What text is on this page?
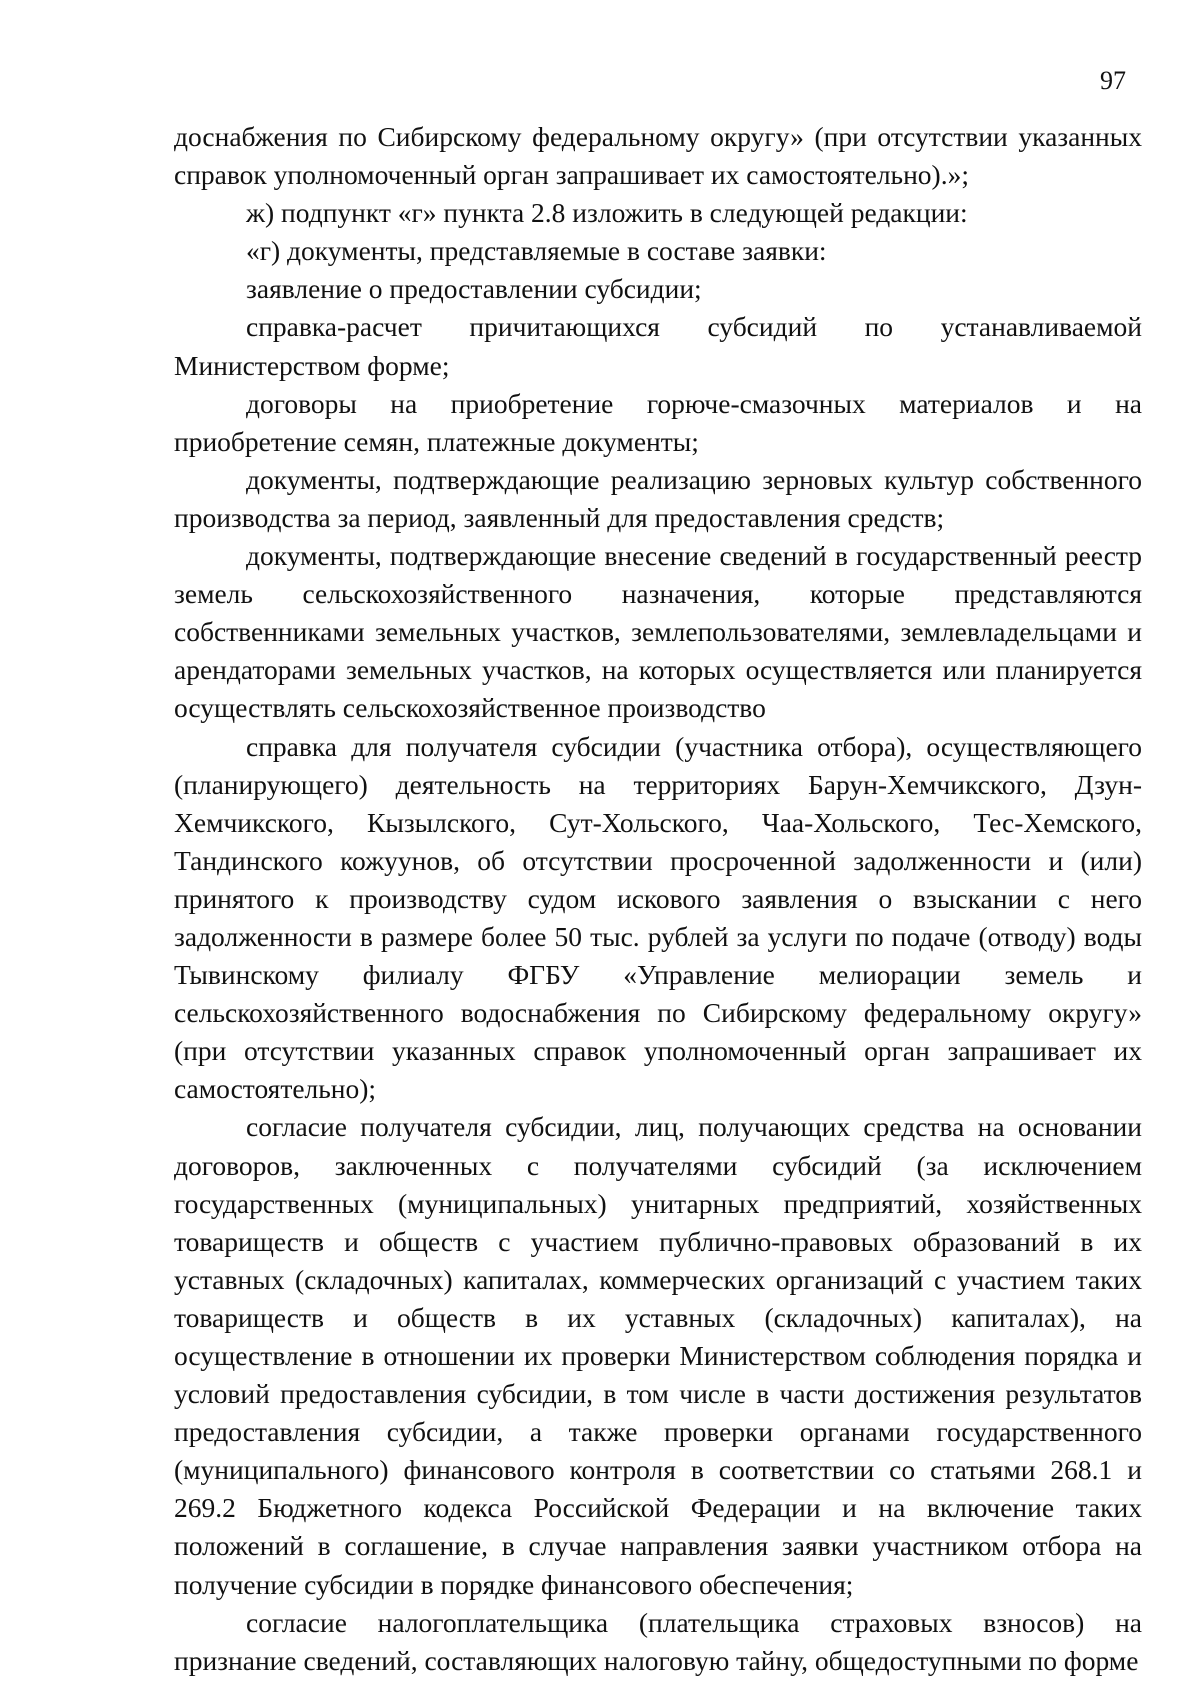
97

доснабжения по Сибирскому федеральному округу» (при отсутствии указанных справок уполномоченный орган запрашивает их самостоятельно).»;

ж) подпункт «г» пункта 2.8 изложить в следующей редакции:

«г) документы, представляемые в составе заявки:

заявление о предоставлении субсидии;

справка-расчет причитающихся субсидий по устанавливаемой Министерством форме;

договоры на приобретение горюче-смазочных материалов и на приобретение семян, платежные документы;

документы, подтверждающие реализацию зерновых культур собственного производства за период, заявленный для предоставления средств;

документы, подтверждающие внесение сведений в государственный реестр земель сельскохозяйственного назначения, которые представляются собственниками земельных участков, землепользователями, землевладельцами и арендаторами земельных участков, на которых осуществляется или планируется осуществлять сельскохозяйственное производство

справка для получателя субсидии (участника отбора), осуществляющего (планирующего) деятельность на территориях Барун-Хемчикского, Дзун-Хемчикского, Кызылского, Сут-Хольского, Чаа-Хольского, Тес-Хемского, Тандинского кожуунов, об отсутствии просроченной задолженности и (или) принятого к производству судом искового заявления о взыскании с него задолженности в размере более 50 тыс. рублей за услуги по подаче (отводу) воды Тывинскому филиалу ФГБУ «Управление мелиорации земель и сельскохозяйственного водоснабжения по Сибирскому федеральному округу» (при отсутствии указанных справок уполномоченный орган запрашивает их самостоятельно);

согласие получателя субсидии, лиц, получающих средства на основании договоров, заключенных с получателями субсидий (за исключением государственных (муниципальных) унитарных предприятий, хозяйственных товариществ и обществ с участием публично-правовых образований в их уставных (складочных) капиталах, коммерческих организаций с участием таких товариществ и обществ в их уставных (складочных) капиталах), на осуществление в отношении их проверки Министерством соблюдения порядка и условий предоставления субсидии, в том числе в части достижения результатов предоставления субсидии, а также проверки органами государственного (муниципального) финансового контроля в соответствии со статьями 268.1 и 269.2 Бюджетного кодекса Российской Федерации и на включение таких положений в соглашение, в случае направления заявки участником отбора на получение субсидии в порядке финансового обеспечения;

согласие налогоплательщика (плательщика страховых взносов) на признание сведений, составляющих налоговую тайну, общедоступными по форме
